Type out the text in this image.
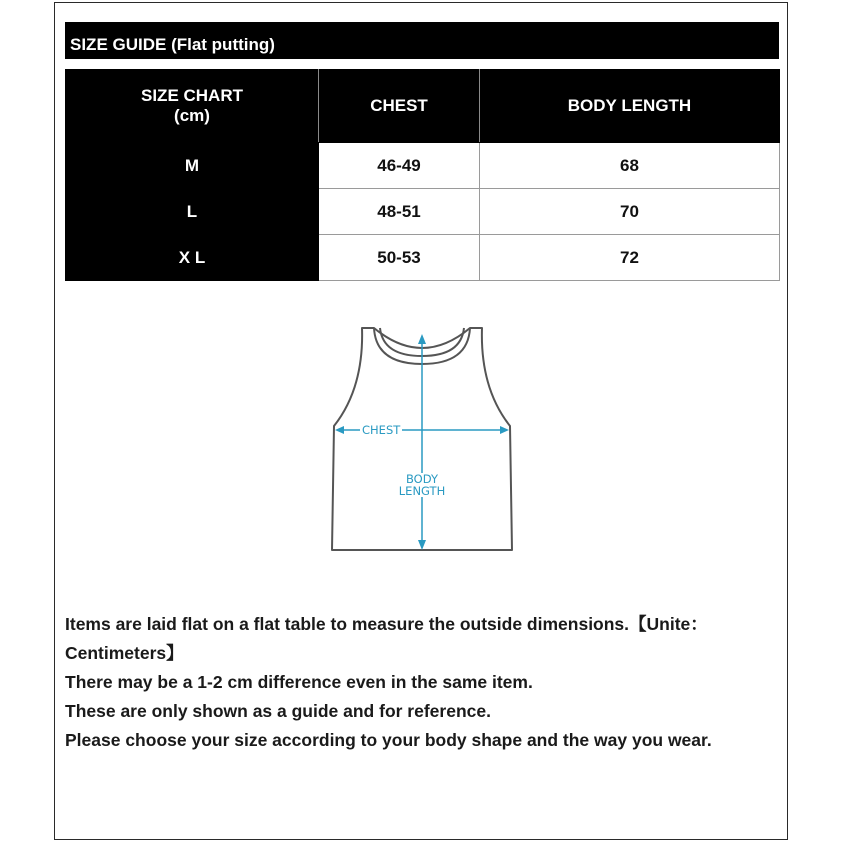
SIZE GUIDE (Flat putting)
SIZE CHART
(cm)	CHEST	BODY LENGTH
M	46-49	68
L	48-51	70
X L	50-53	72
CHEST
BODY
LENGTH

Items are laid flat on a flat table to measure the outside dimensions.【Unite：Centimeters】

There may be a 1-2 cm difference even in the same item.

These are only shown as a guide and for reference.

Please choose your size according to your body shape and the way you wear.
